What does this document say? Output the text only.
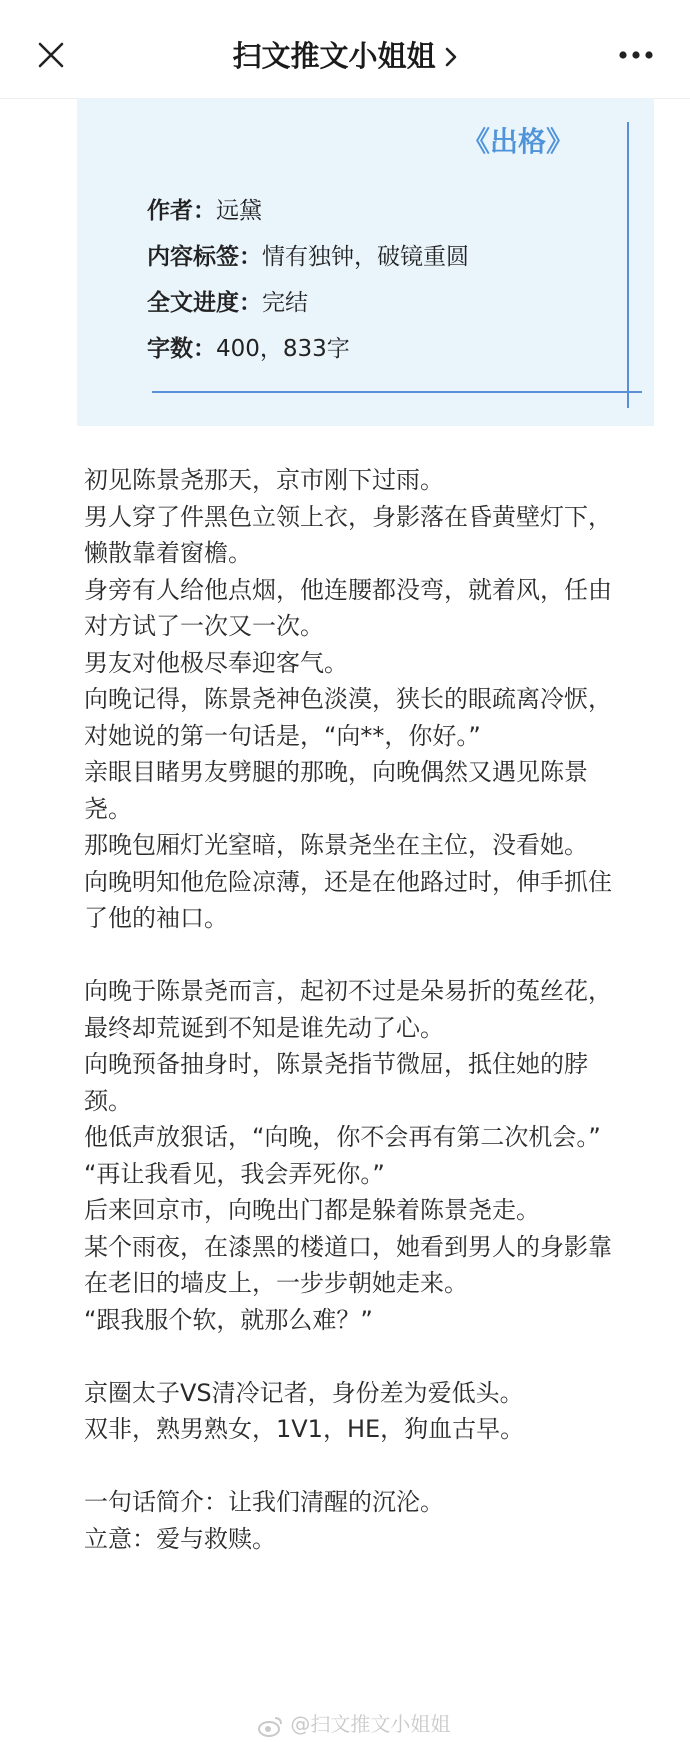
扫文推文小姐姐
《出格》
作者：远黛
内容标签：情有独钟，破镜重圆
全文进度：完结
字数：400，833字

初见陈景尧那天，京市刚下过雨。

男人穿了件黑色立领上衣，身影落在昏黄壁灯下，懒散靠着窗檐。

身旁有人给他点烟，他连腰都没弯，就着风，任由对方试了一次又一次。

男友对他极尽奉迎客气。

向晚记得，陈景尧神色淡漠，狭长的眼疏离冷恹，对她说的第一句话是，“向**，你好。”

亲眼目睹男友劈腿的那晚，向晚偶然又遇见陈景尧。

那晚包厢灯光窒暗，陈景尧坐在主位，没看她。

向晚明知他危险凉薄，还是在他路过时，伸手抓住了他的袖口。

向晚于陈景尧而言，起初不过是朵易折的菟丝花，最终却荒诞到不知是谁先动了心。

向晚预备抽身时，陈景尧指节微屈，抵住她的脖颈。

他低声放狠话，“向晚，你不会再有第二次机会。”

“再让我看见，我会弄死你。”

后来回京市，向晚出门都是躲着陈景尧走。

某个雨夜，在漆黑的楼道口，她看到男人的身影靠在老旧的墙皮上，一步步朝她走来。

“跟我服个软，就那么难？”

京圈太子VS清冷记者，身份差为爱低头。

双非，熟男熟女，1V1，HE，狗血古早。

一句话简介：让我们清醒的沉沦。

立意：爱与救赎。

@扫文推文小姐姐
